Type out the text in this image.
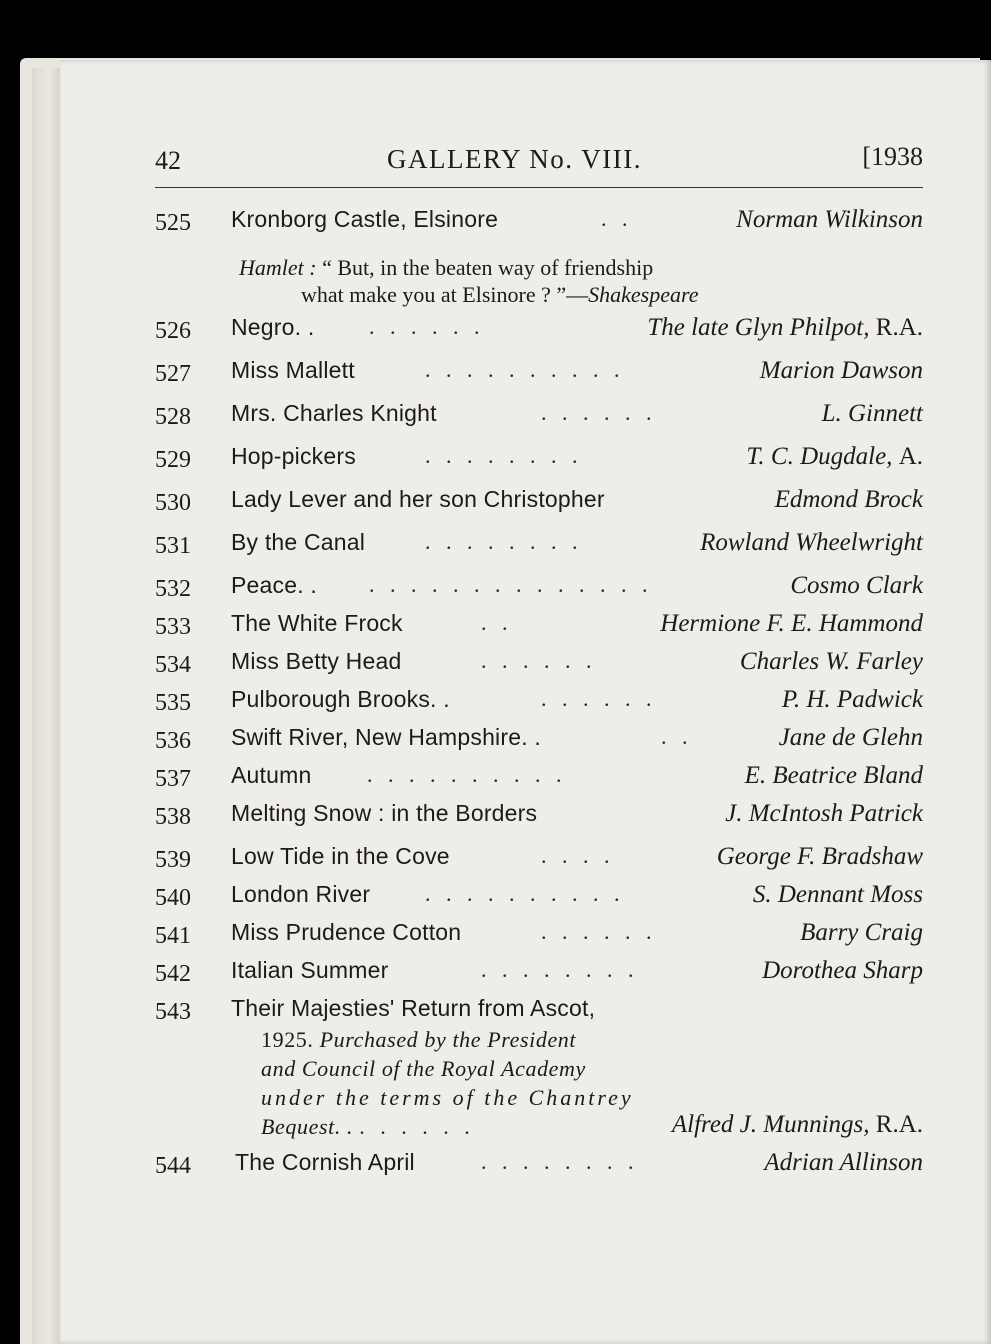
42	GALLERY No. VIII.	[1938
525 Kronborg Castle, Elsinore	. .	Norman Wilkinson
Hamlet : “ But, in the beaten way of friendship
what make you at Elsinore ? ”—Shakespeare
526 Negro. . . . . . . .	The late Glyn Philpot, R.A.
527 Miss Mallett	. . . . . . . . . .	Marion Dawson
528 Mrs. Charles Knight	. . . . . .	L. Ginnett
529 Hop-pickers	. . . . . . . .	T. C. Dugdale, A.
530 Lady Lever and her son Christopher	Edmond Brock
531 By the Canal	. . . . . . . .	Rowland Wheelwright
532 Peace. . . . . . . . . . . . . . . .	Cosmo Clark
533 The White Frock	. .	Hermione F. E. Hammond
534 Miss Betty Head	. . . . . .	Charles W. Farley
535 Pulborough Brooks. .	. . . . . .	P. H. Padwick
536 Swift River, New Hampshire. .	. .	Jane de Glehn
537 Autumn	. . . . . . . . . .	E. Beatrice Bland
538 Melting Snow : in the Borders	J. McIntosh Patrick
539 Low Tide in the Cove	. . . .	George F. Bradshaw
540 London River . . . . . . . . . .	S. Dennant Moss
541 Miss Prudence Cotton	. . . . . .	Barry Craig
542 Italian Summer	. . . . . . . .	Dorothea Sharp
543 Their Majesties' Return from Ascot,
1925. Purchased by the President
and Council of the Royal Academy
under the terms of the Chantrey
Bequest. . . . . . . .	Alfred J. Munnings, R.A.
544 The Cornish April	. . . . . . . .	Adrian Allinson
